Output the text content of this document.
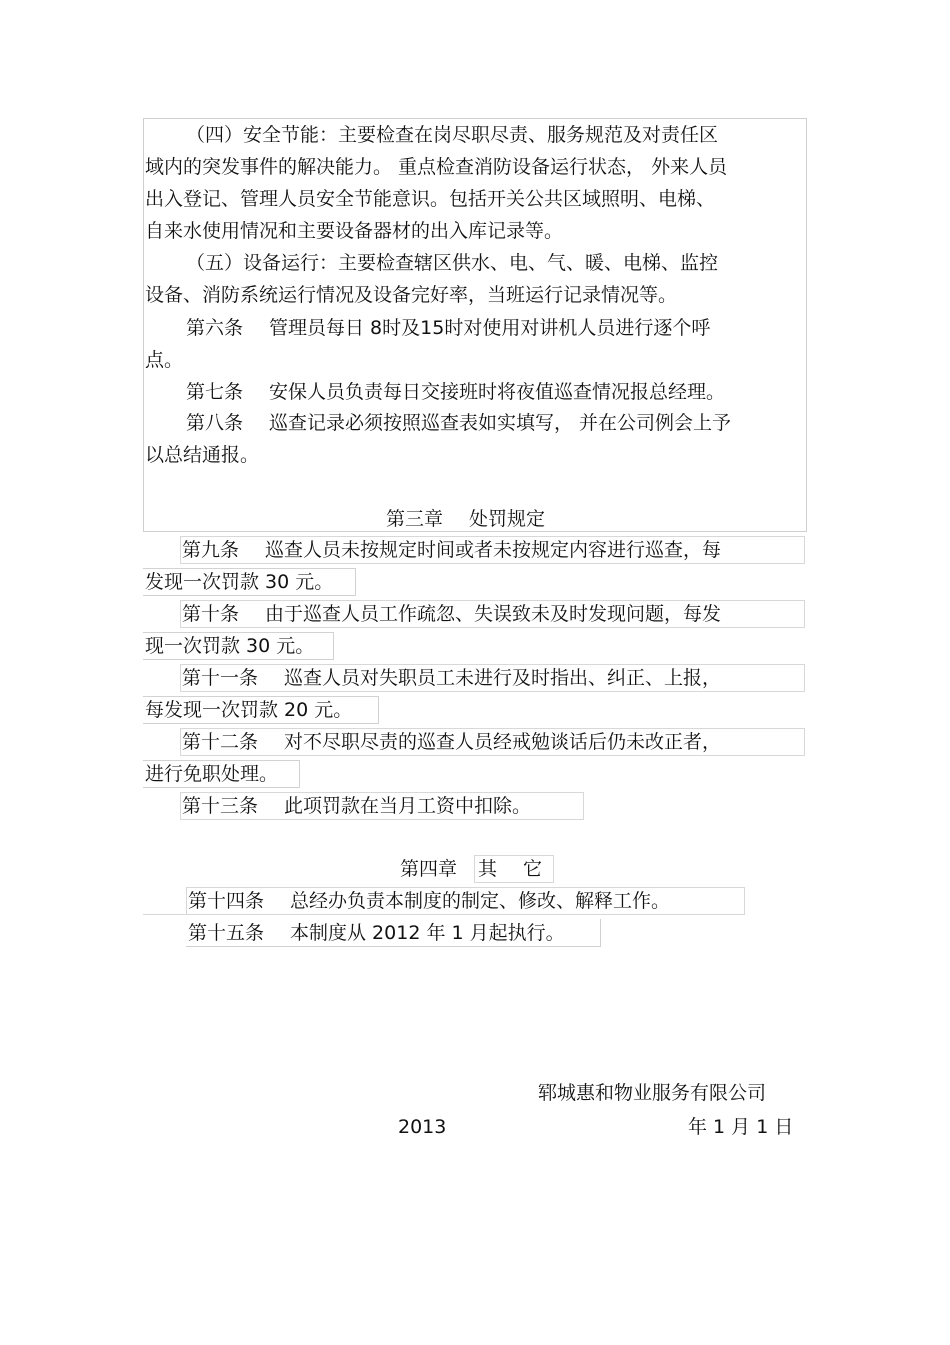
（四）安全节能：主要检查在岗尽职尽责、服务规范及对责任区
域内的突发事件的解决能力。 重点检查消防设备运行状态， 外来人员
出入登记、管理人员安全节能意识。包括开关公共区域照明、电梯、
自来水使用情况和主要设备器材的出入库记录等。
（五）设备运行：主要检查辖区供水、电、气、暖、电梯、监控
设备、消防系统运行情况及设备完好率，当班运行记录情况等。
第六条 管理员每日 8时及15时对使用对讲机人员进行逐个呼
点。
第七条 安保人员负责每日交接班时将夜值巡查情况报总经理。
第八条 巡查记录必须按照巡查表如实填写， 并在公司例会上予
以总结通报。
第三章 处罚规定
第九条 巡查人员未按规定时间或者未按规定内容进行巡查，每
发现一次罚款 30 元。
第十条 由于巡查人员工作疏忽、失误致未及时发现问题，每发
现一次罚款 30 元。
第十一条 巡查人员对失职员工未进行及时指出、纠正、上报，
每发现一次罚款 20 元。
第十二条 对不尽职尽责的巡查人员经戒勉谈话后仍未改正者，
进行免职处理。
第十三条 此项罚款在当月工资中扣除。
第四章 其 它
第十四条 总经办负责本制度的制定、修改、解释工作。
第十五条 本制度从 2012 年 1 月起执行。
郓城惠和物业服务有限公司
2013	年 1 月 1 日
